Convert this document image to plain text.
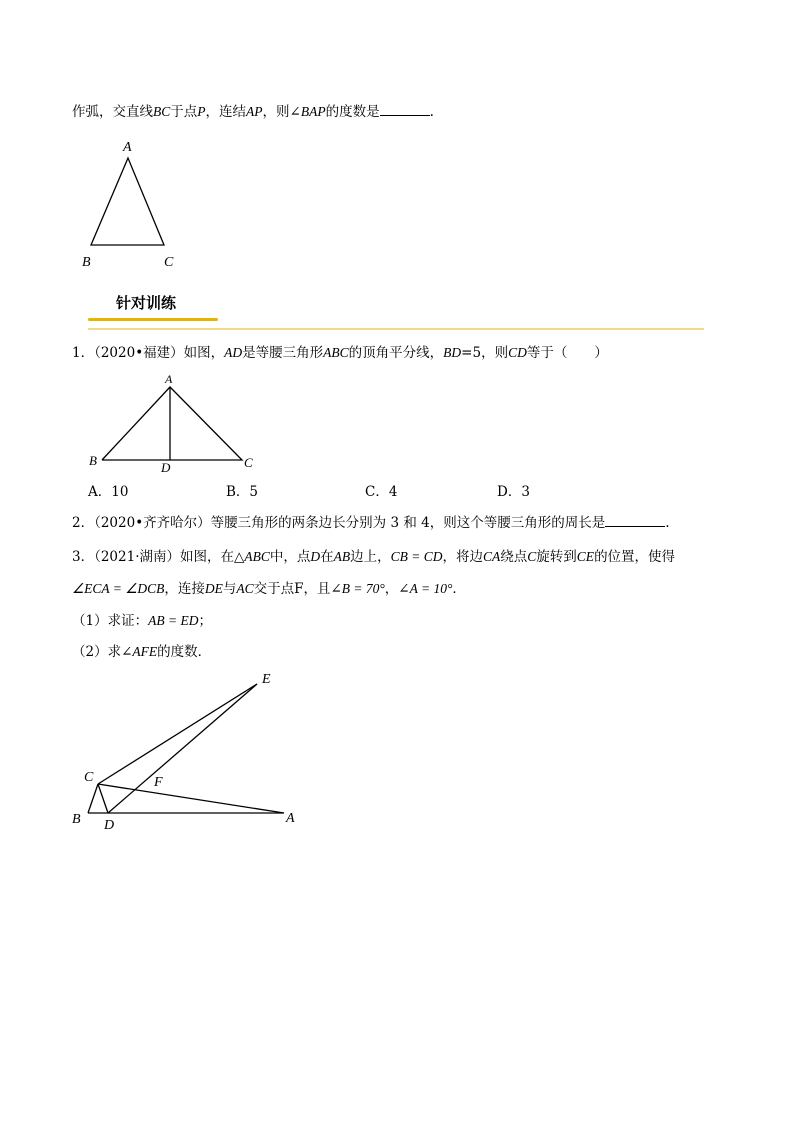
作弧，交直线BC于点P，连结AP，则∠BAP的度数是	.
A
B	C
针对训练
1．（2020•福建）如图，AD是等腰三角形ABC的顶角平分线，BD=5，则CD等于（　　）
A
B	C
D
A．10	B．5	C．4	D．3
2．（2020•齐齐哈尔）等腰三角形的两条边长分别为 3 和 4，则这个等腰三角形的周长是	.
3．（2021·湖南）如图，在△ABC中，点D在AB边上，CB = CD，将边CA绕点C旋转到CE的位置，使得
∠ECA = ∠DCB，连接DE与AC交于点F，且∠B = 70°，∠A = 10°．
（1）求证：AB = ED；
（2）求∠AFE的度数．
E
C	F
B D	A
